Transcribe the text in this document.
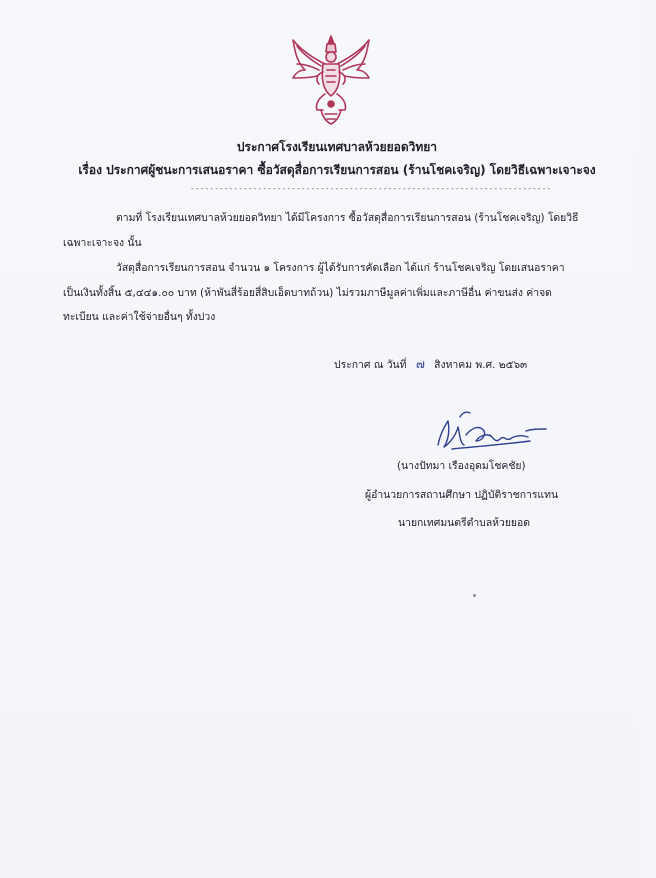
ประกาศโรงเรียนเทศบาลห้วยยอดวิทยา
เรื่อง ประกาศผู้ชนะการเสนอราคา ซื้อวัสดุสื่อการเรียนการสอน (ร้านโชคเจริญ) โดยวิธีเฉพาะเจาะจง
---------------------------------------------------------------------------
ตามที่ โรงเรียนเทศบาลห้วยยอดวิทยา ได้มีโครงการ ซื้อวัสดุสื่อการเรียนการสอน (ร้านโชคเจริญ) โดยวิธี
เฉพาะเจาะจง นั้น
วัสดุสื่อการเรียนการสอน จำนวน ๑ โครงการ ผู้ได้รับการคัดเลือก ได้แก่ ร้านโชคเจริญ โดยเสนอราคา
เป็นเงินทั้งสิ้น ๕,๔๔๑.๐๐ บาท (ห้าพันสี่ร้อยสี่สิบเอ็ดบาทถ้วน) ไม่รวมภาษีมูลค่าเพิ่มและภาษีอื่น ค่าขนส่ง ค่าจด
ทะเบียน และค่าใช้จ่ายอื่นๆ ทั้งปวง
ประกาศ ณ วันที่ ๗ สิงหาคม พ.ศ. ๒๕๖๓
(นางปัทมา เรืองอุดมโชคชัย)
ผู้อำนวยการสถานศึกษา ปฏิบัติราชการแทน
นายกเทศมนตรีตำบลห้วยยอด
